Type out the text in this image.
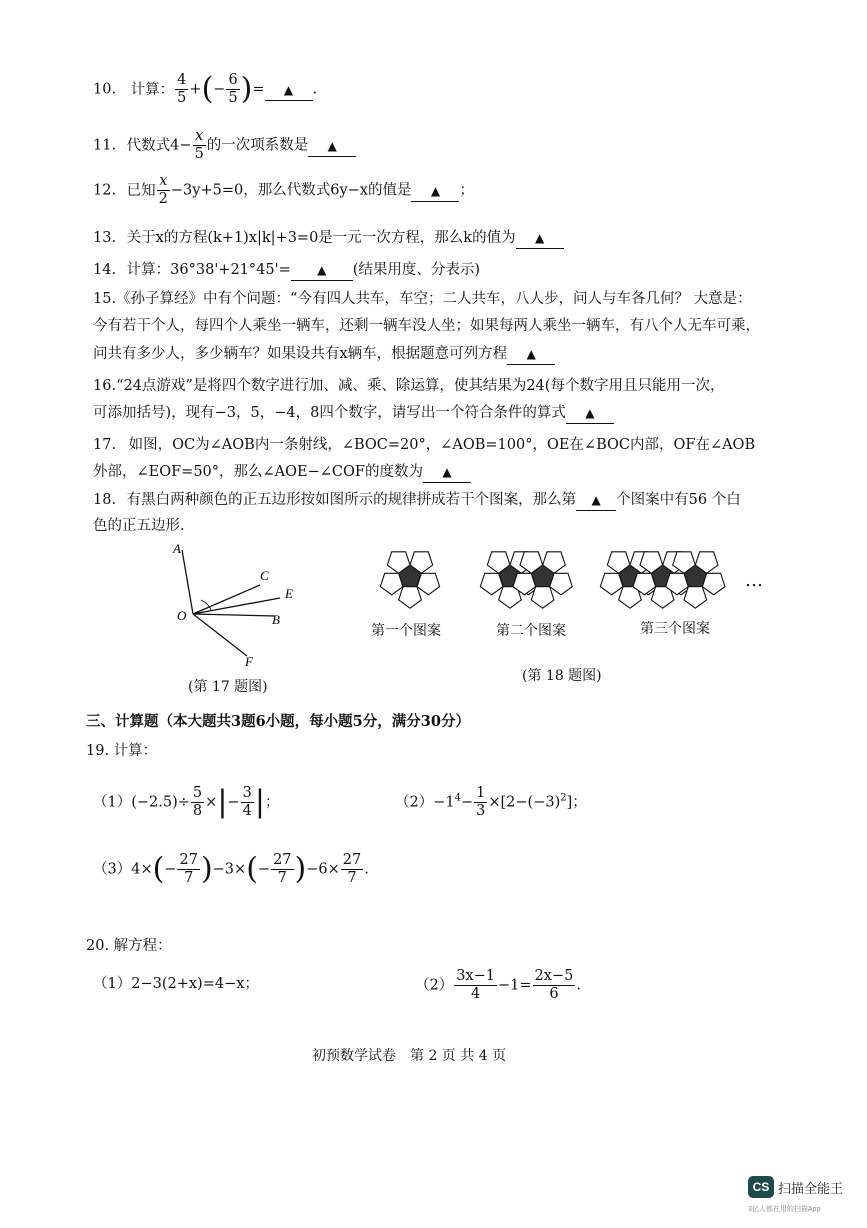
10. 计算： $\frac{4}{5}$ +(− $\frac{6}{5}$ )= ▲ .
11. 代数式$4- \frac{x}{5}$ 的一次项系数是 ▲
12. 已知 $\frac{x}{2} -3y+5=0$，那么代数式6y−x的值是 ▲ ；
13. 关于x的方程(k+1)x|k|+3=0是一元一次方程，那么k的值为 ▲
14. 计算：36°38'+21°45'= ▲ (结果用度、分表示)
15.《孙子算经》中有个问题：“今有四人共车，车空；二人共车，八人步，问人与车各几何？ 大意是：
今有若干个人，每四个人乘坐一辆车，还剩一辆车没人坐；如果每两人乘坐一辆车，有八个人无车可乘，
问共有多少人，多少辆车？如果设共有x辆车，根据题意可列方程 ▲
16.“24点游戏”是将四个数字进行加、减、乘、除运算，使其结果为24(每个数字用且只能用一次，
可添加括号)，现有−3，5，−4，8四个数字，请写出一个符合条件的算式 ▲
17. 如图，OC为∠AOB内一条射线，∠BOC=20°，∠AOB=100°，OE在∠BOC内部，OF在∠AOB
外部，∠EOF=50°，那么∠AOE−∠COF的度数为 ▲
18. 有黑白两种颜色的正五边形按如图所示的规律拼成若干个图案，那么第 ▲ 个图案中有56 个白
色的正五边形.
A
C
E
O	B
F
(第 17 题图)
第一个图案	第二个图案	第三个图案
…
(第 18 题图)
三、计算题（本大题共3题6小题，每小题5分，满分30分）
19. 计算：
$(1)(-2.5)\div \frac{5}{8}$ ×|− $\frac{3}{4}$ |；	$(2)-1^4- \frac{1}{3} \times[2-(-3)^2]$；
$(3)4\times(- \frac{27}{7} )-3\times(- \frac{27}{7} )-6\times \frac{27}{7}$ .
20. 解方程：
（1）2−3(2+x)=4−x；	$(2) \frac{3x-1}{4} -1= \frac{2x-5}{6}$ .
初预数学试卷　第 2 页 共 4 页
CS 扫描全能王
3亿人都在用的扫描App
